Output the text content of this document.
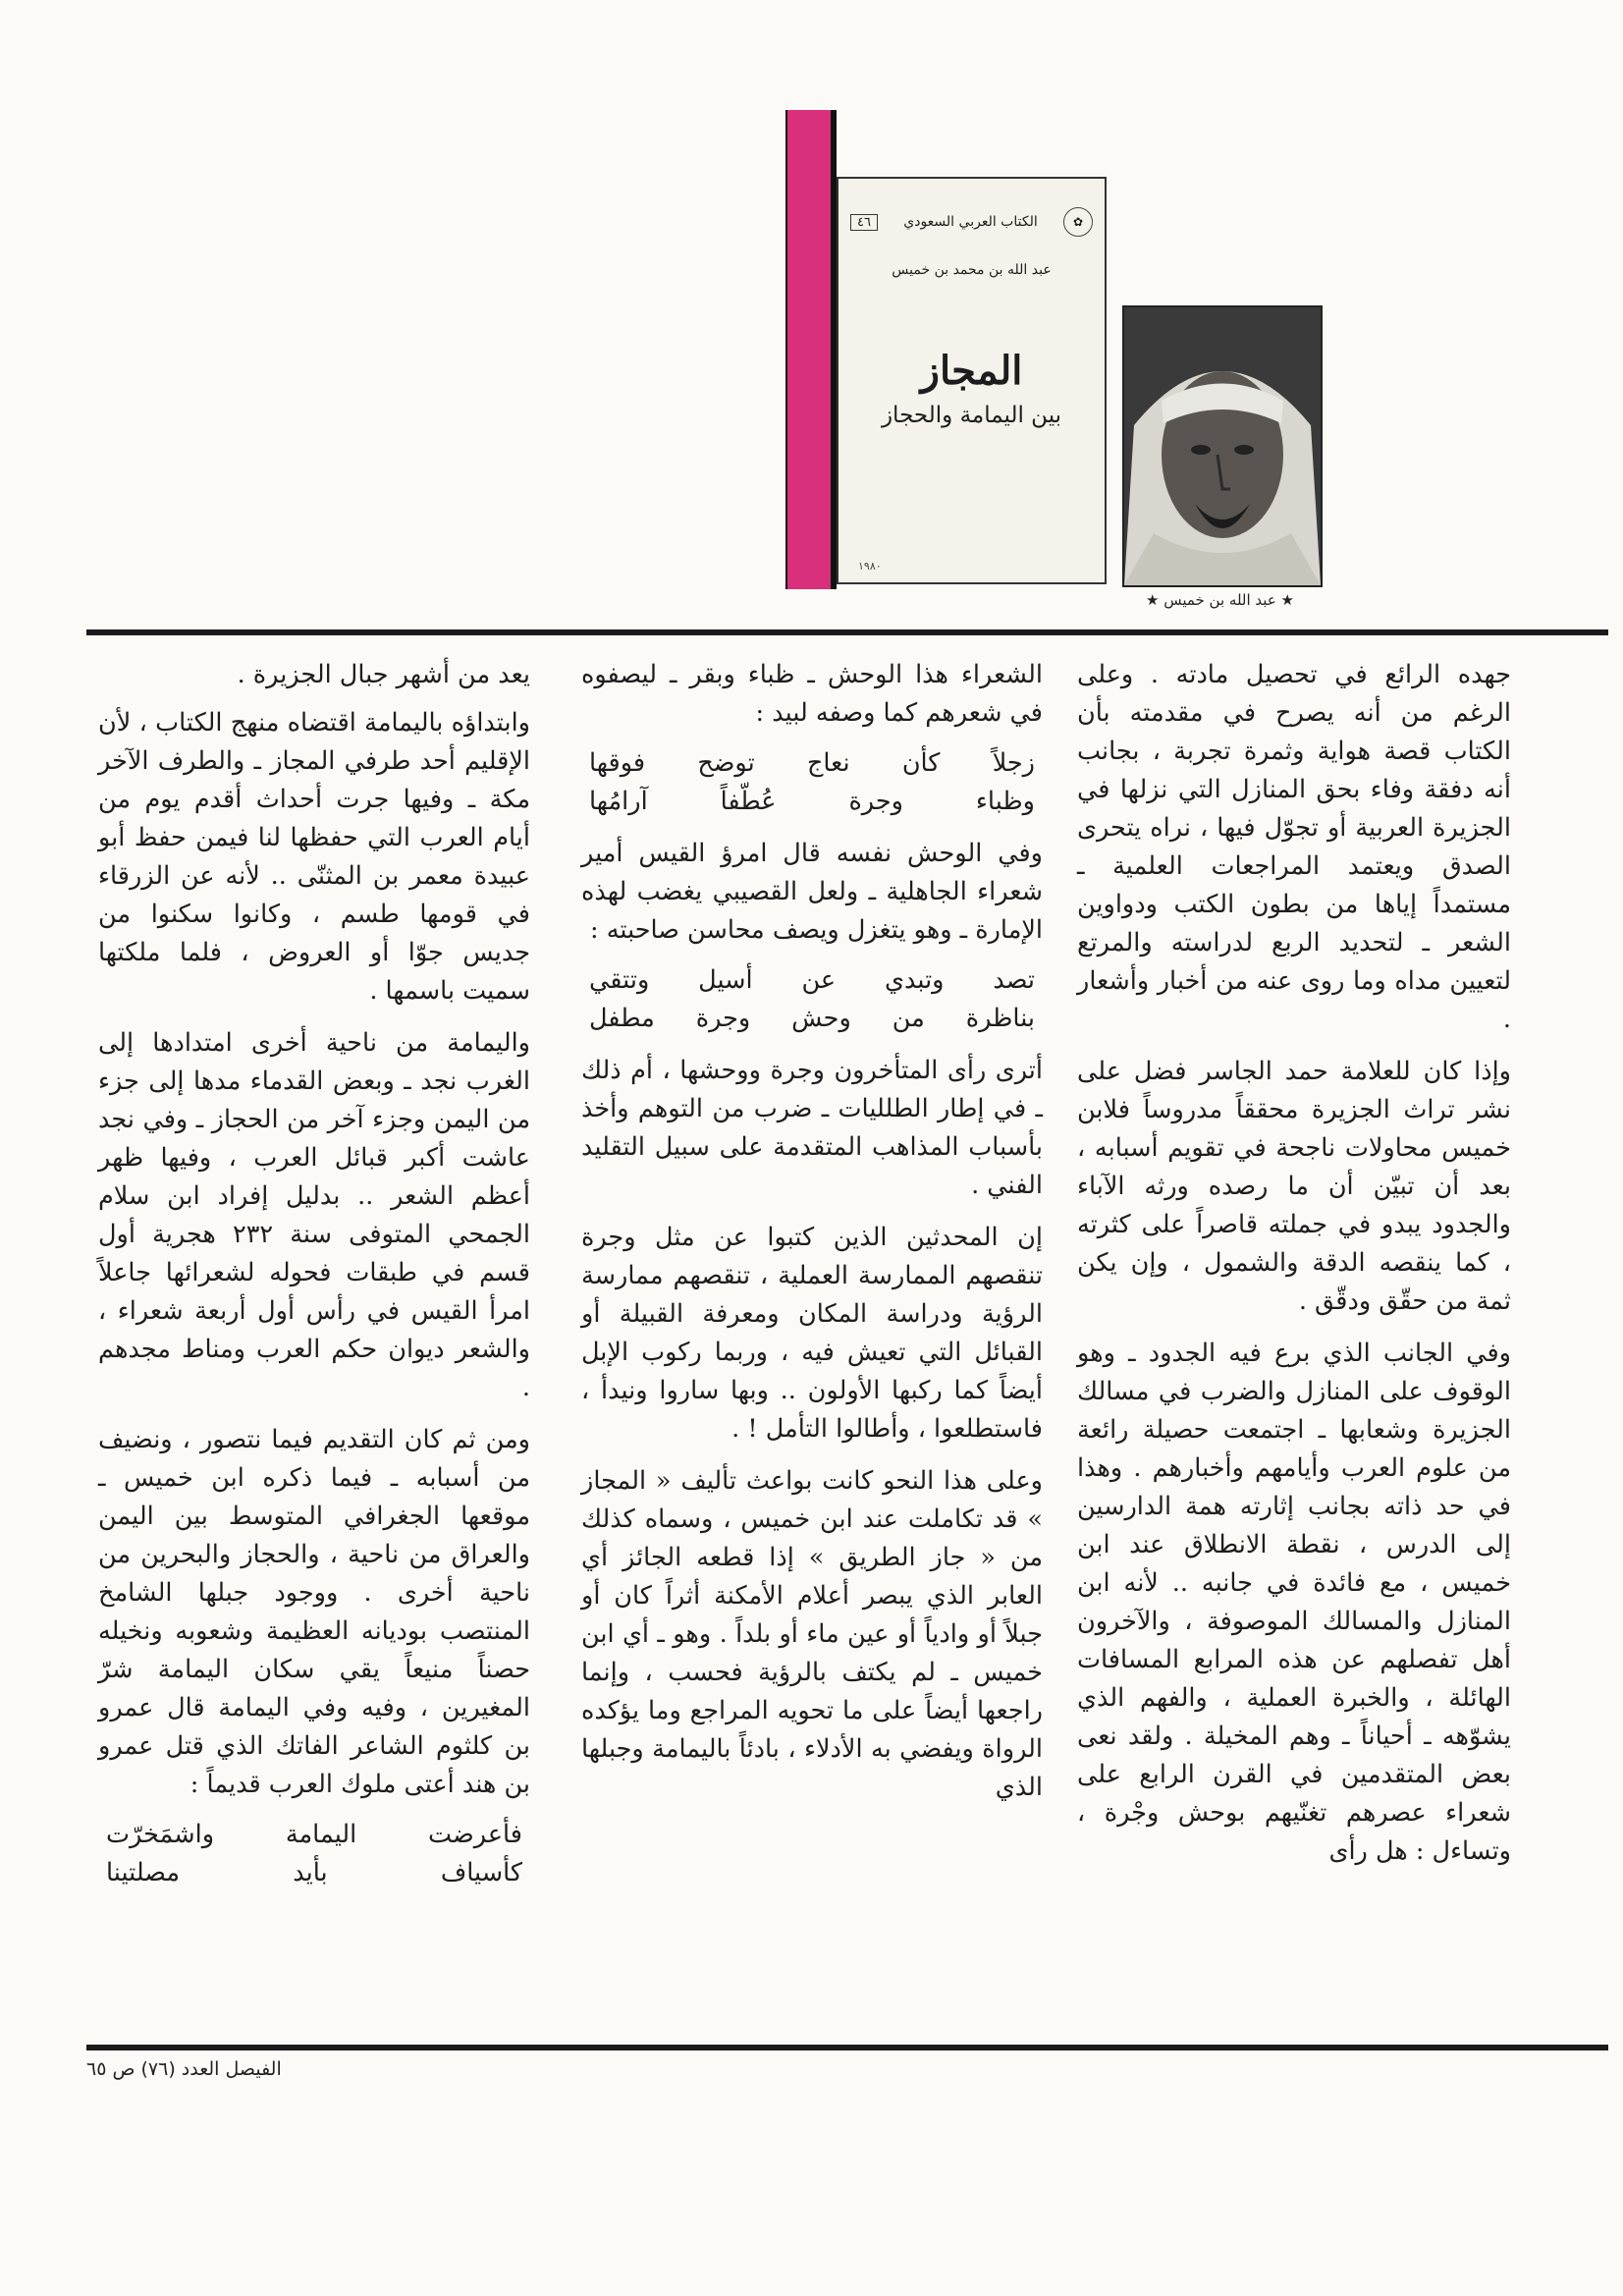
★ عبد الله بن خميس ★
✿
الكتاب العربي السعودي
٤٦
عبد الله بن محمد بن خميس
المجاز
بين اليمامة والحجاز
۱۹۸۰

جهده الرائع في تحصيل مادته . وعلى الرغم من أنه يصرح في مقدمته بأن الكتاب قصة هواية وثمرة تجربة ، بجانب أنه دفقة وفاء بحق المنازل التي نزلها في الجزيرة العربية أو تجوّل فيها ، نراه يتحرى الصدق ويعتمد المراجعات العلمية ـ مستمداً إياها من بطون الكتب ودواوين الشعر ـ لتحديد الربع لدراسته والمرتع لتعيين مداه وما روى عنه من أخبار وأشعار .

وإذا كان للعلامة حمد الجاسر فضل على نشر تراث الجزيرة محققاً مدروساً فلابن خميس محاولات ناجحة في تقويم أسبابه ، بعد أن تبيّن أن ما رصده ورثه الآباء والجدود يبدو في جملته قاصراً على كثرته ، كما ينقصه الدقة والشمول ، وإن يكن ثمة من حقّق ودقّق .

وفي الجانب الذي برع فيه الجدود ـ وهو الوقوف على المنازل والضرب في مسالك الجزيرة وشعابها ـ اجتمعت حصيلة رائعة من علوم العرب وأيامهم وأخبارهم . وهذا في حد ذاته بجانب إثارته همة الدارسين إلى الدرس ، نقطة الانطلاق عند ابن خميس ، مع فائدة في جانبه .. لأنه ابن المنازل والمسالك الموصوفة ، والآخرون أهل تفصلهم عن هذه المرابع المسافات الهائلة ، والخبرة العملية ، والفهم الذي يشوّهه ـ أحياناً ـ وهم المخيلة . ولقد نعى بعض المتقدمين في القرن الرابع على شعراء عصرهم تغنّيهم بوحش وجْرة ، وتساءل : هل رأى

الشعراء هذا الوحش ـ ظباء وبقر ـ ليصفوه في شعرهم كما وصفه لبيد :

زجلاً كأن نعاج توضح فوقها
وظباء وجرة عُطّفاً آرامُها

وفي الوحش نفسه قال امرؤ القيس أمير شعراء الجاهلية ـ ولعل القصيبي يغضب لهذه الإمارة ـ وهو يتغزل ويصف محاسن صاحبته :

تصد وتبدي عن أسيل وتتقي
بناظرة من وحش وجرة مطفل

أترى رأى المتأخرون وجرة ووحشها ، أم ذلك ـ في إطار الطلليات ـ ضرب من التوهم وأخذ بأسباب المذاهب المتقدمة على سبيل التقليد الفني .

إن المحدثين الذين كتبوا عن مثل وجرة تنقصهم الممارسة العملية ، تنقصهم ممارسة الرؤية ودراسة المكان ومعرفة القبيلة أو القبائل التي تعيش فيه ، وربما ركوب الإبل أيضاً كما ركبها الأولون .. وبها ساروا ونيدأ ، فاستطلعوا ، وأطالوا التأمل ! .

وعلى هذا النحو كانت بواعث تأليف « المجاز » قد تكاملت عند ابن خميس ، وسماه كذلك من « جاز الطريق » إذا قطعه الجائز أي العابر الذي يبصر أعلام الأمكنة أثراً كان أو جبلاً أو وادياً أو عين ماء أو بلداً . وهو ـ أي ابن خميس ـ لم يكتف بالرؤية فحسب ، وإنما راجعها أيضاً على ما تحويه المراجع وما يؤكده الرواة ويفضي به الأدلاء ، بادئاً باليمامة وجبلها الذي

يعد من أشهر جبال الجزيرة .

وابتداؤه باليمامة اقتضاه منهج الكتاب ، لأن الإقليم أحد طرفي المجاز ـ والطرف الآخر مكة ـ وفيها جرت أحداث أقدم يوم من أيام العرب التي حفظها لنا فيمن حفظ أبو عبيدة معمر بن المثنّى .. لأنه عن الزرقاء في قومها طسم ، وكانوا سكنوا من جديس جوّا أو العروض ، فلما ملكتها سميت باسمها .

واليمامة من ناحية أخرى امتدادها إلى الغرب نجد ـ وبعض القدماء مدها إلى جزء من اليمن وجزء آخر من الحجاز ـ وفي نجد عاشت أكبر قبائل العرب ، وفيها ظهر أعظم الشعر .. بدليل إفراد ابن سلام الجمحي المتوفى سنة ٢٣٢ هجرية أول قسم في طبقات فحوله لشعرائها جاعلاً امرأ القيس في رأس أول أربعة شعراء ، والشعر ديوان حكم العرب ومناط مجدهم .

ومن ثم كان التقديم فيما نتصور ، ونضيف من أسبابه ـ فيما ذكره ابن خميس ـ موقعها الجغرافي المتوسط بين اليمن والعراق من ناحية ، والحجاز والبحرين من ناحية أخرى . ووجود جبلها الشامخ المنتصب بوديانه العظيمة وشعوبه ونخيله حصناً منيعاً يقي سكان اليمامة شرّ المغيرين ، وفيه وفي اليمامة قال عمرو بن كلثوم الشاعر الفاتك الذي قتل عمرو بن هند أعتى ملوك العرب قديماً :

فأعرضت اليمامة واشمَخرّت
كأسياف بأيد مصلتينا
الفيصل العدد (٧٦) ص ٦٥
